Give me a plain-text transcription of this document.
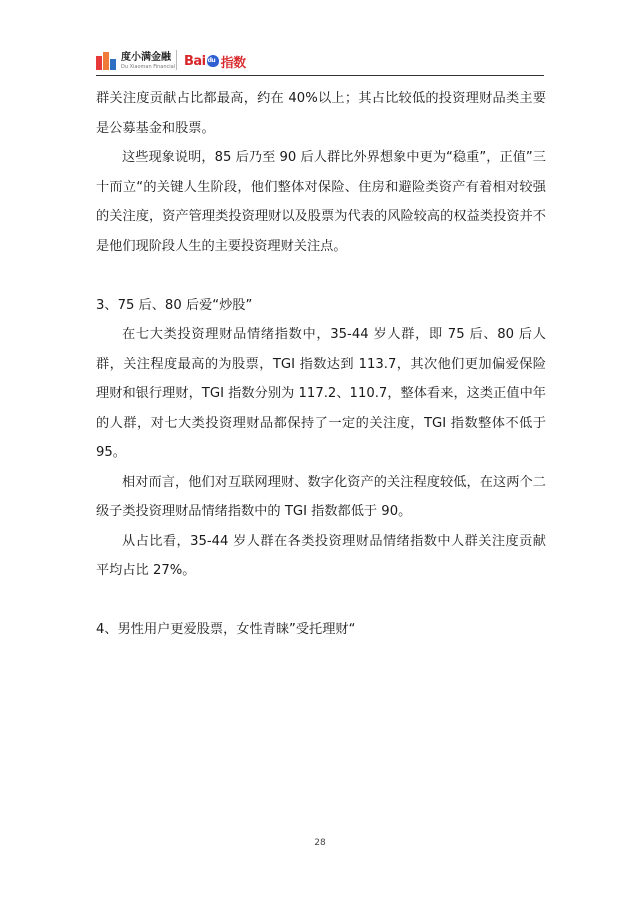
度小满金融
Du Xiaoman Financial Bai
du 指数

群关注度贡献占比都最高，约在 40%以上；其占比较低的投资理财品类主要是公募基金和股票。

这些现象说明，85 后乃至 90 后人群比外界想象中更为“稳重”，正值”三十而立“的关键人生阶段，他们整体对保险、住房和避险类资产有着相对较强的关注度，资产管理类投资理财以及股票为代表的风险较高的权益类投资并不是他们现阶段人生的主要投资理财关注点。

3、75 后、80 后爱“炒股”

在七大类投资理财品情绪指数中，35-44 岁人群，即 75 后、80 后人群，关注程度最高的为股票，TGI 指数达到 113.7，其次他们更加偏爱保险理财和银行理财，TGI 指数分别为 117.2、110.7，整体看来，这类正值中年的人群，对七大类投资理财品都保持了一定的关注度，TGI 指数整体不低于 95。

相对而言，他们对互联网理财、数字化资产的关注程度较低，在这两个二级子类投资理财品情绪指数中的 TGI 指数都低于 90。

从占比看，35-44 岁人群在各类投资理财品情绪指数中人群关注度贡献平均占比 27%。

4、男性用户更爱股票，女性青睐”受托理财“

28
